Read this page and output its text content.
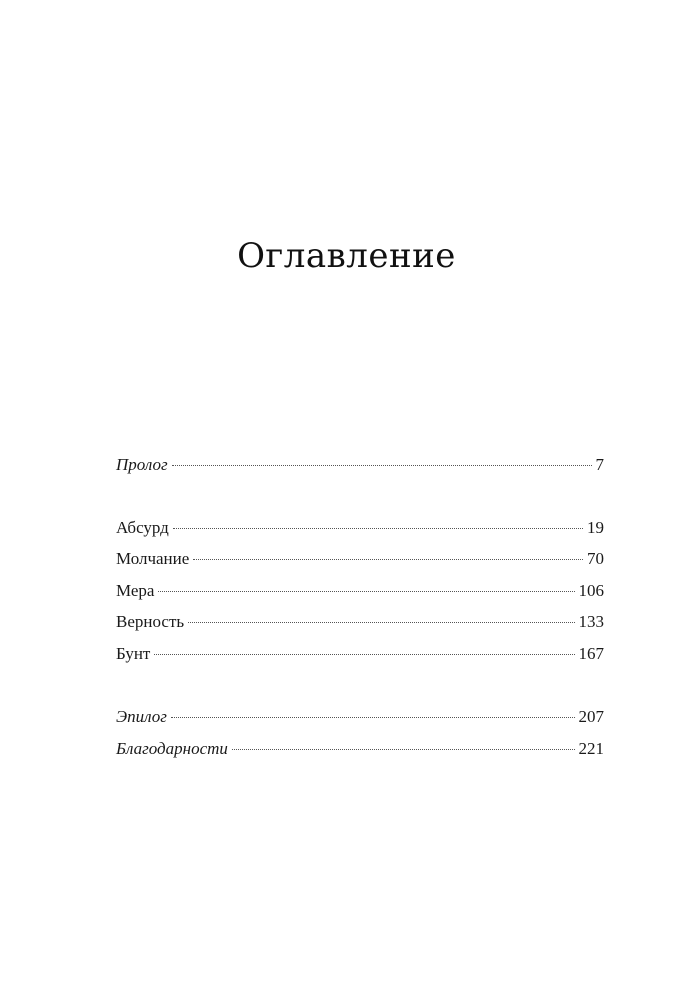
Оглавление
Пролог	7
Абсурд	19
Молчание	70
Мера	106
Верность	133
Бунт	167
Эпилог	207
Благодарности	221
